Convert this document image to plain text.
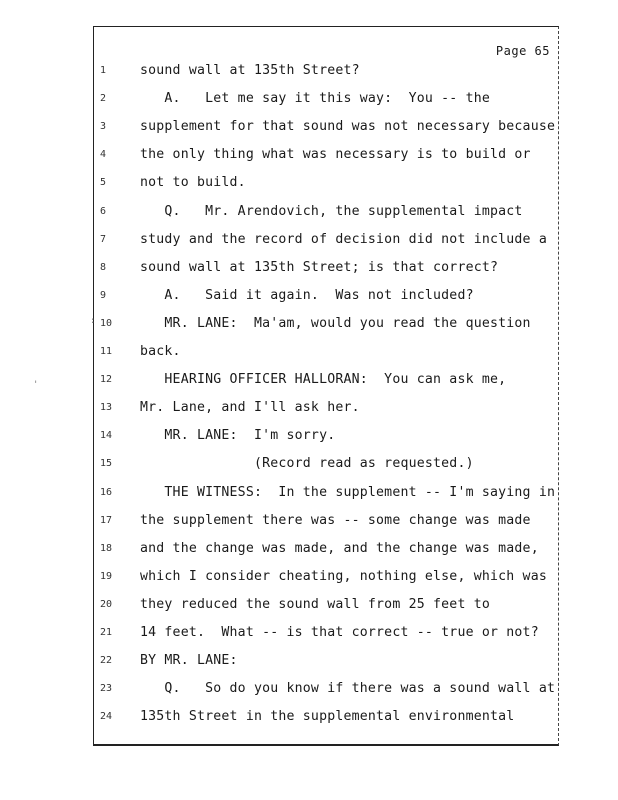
Page 65
1	sound wall at 135th Street?
2	A.   Let me say it this way:  You -- the
3	supplement for that sound was not necessary because
4	the only thing what was necessary is to build or
5	not to build.
6	Q.   Mr. Arendovich, the supplemental impact
7	study and the record of decision did not include a
8	sound wall at 135th Street; is that correct?
9	A.   Said it again.  Was not included?
10	MR. LANE:  Ma'am, would you read the question
11	back.
12	HEARING OFFICER HALLORAN:  You can ask me,
13	Mr. Lane, and I'll ask her.
14	MR. LANE:  I'm sorry.
15	(Record read as requested.)
16	THE WITNESS:  In the supplement -- I'm saying in
17	the supplement there was -- some change was made
18	and the change was made, and the change was made,
19	which I consider cheating, nothing else, which was
20	they reduced the sound wall from 25 feet to
21	14 feet.  What -- is that correct -- true or not?
22	BY MR. LANE:
23	Q.   So do you know if there was a sound wall at
24	135th Street in the supplemental environmental
:
'
